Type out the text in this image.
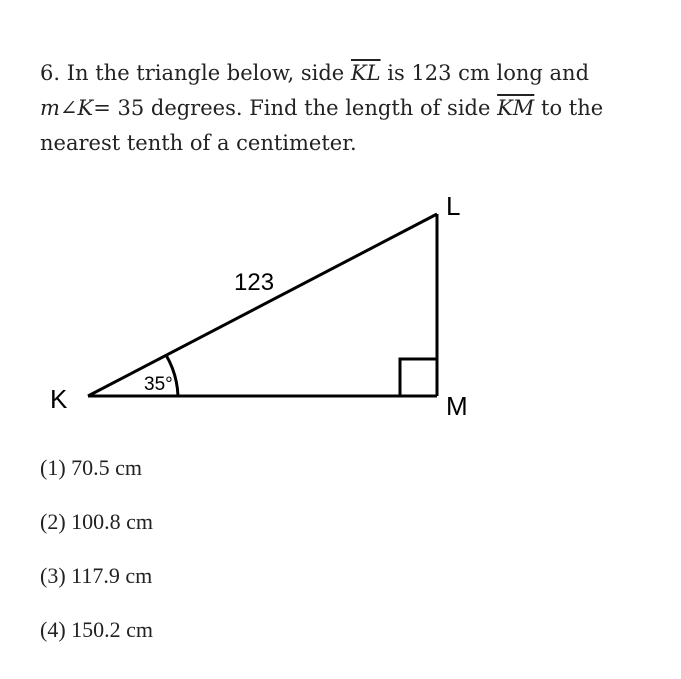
6. In the triangle below, side $\overline{KL}$ is 123 cm long and
m∠K= 35 degrees. Find the length of side $\overline{KM}$ to the nearest tenth of a centimeter.

K
L
M
123
35°
(1) 70.5 cm
(2) 100.8 cm
(3) 117.9 cm
(4) 150.2 cm
